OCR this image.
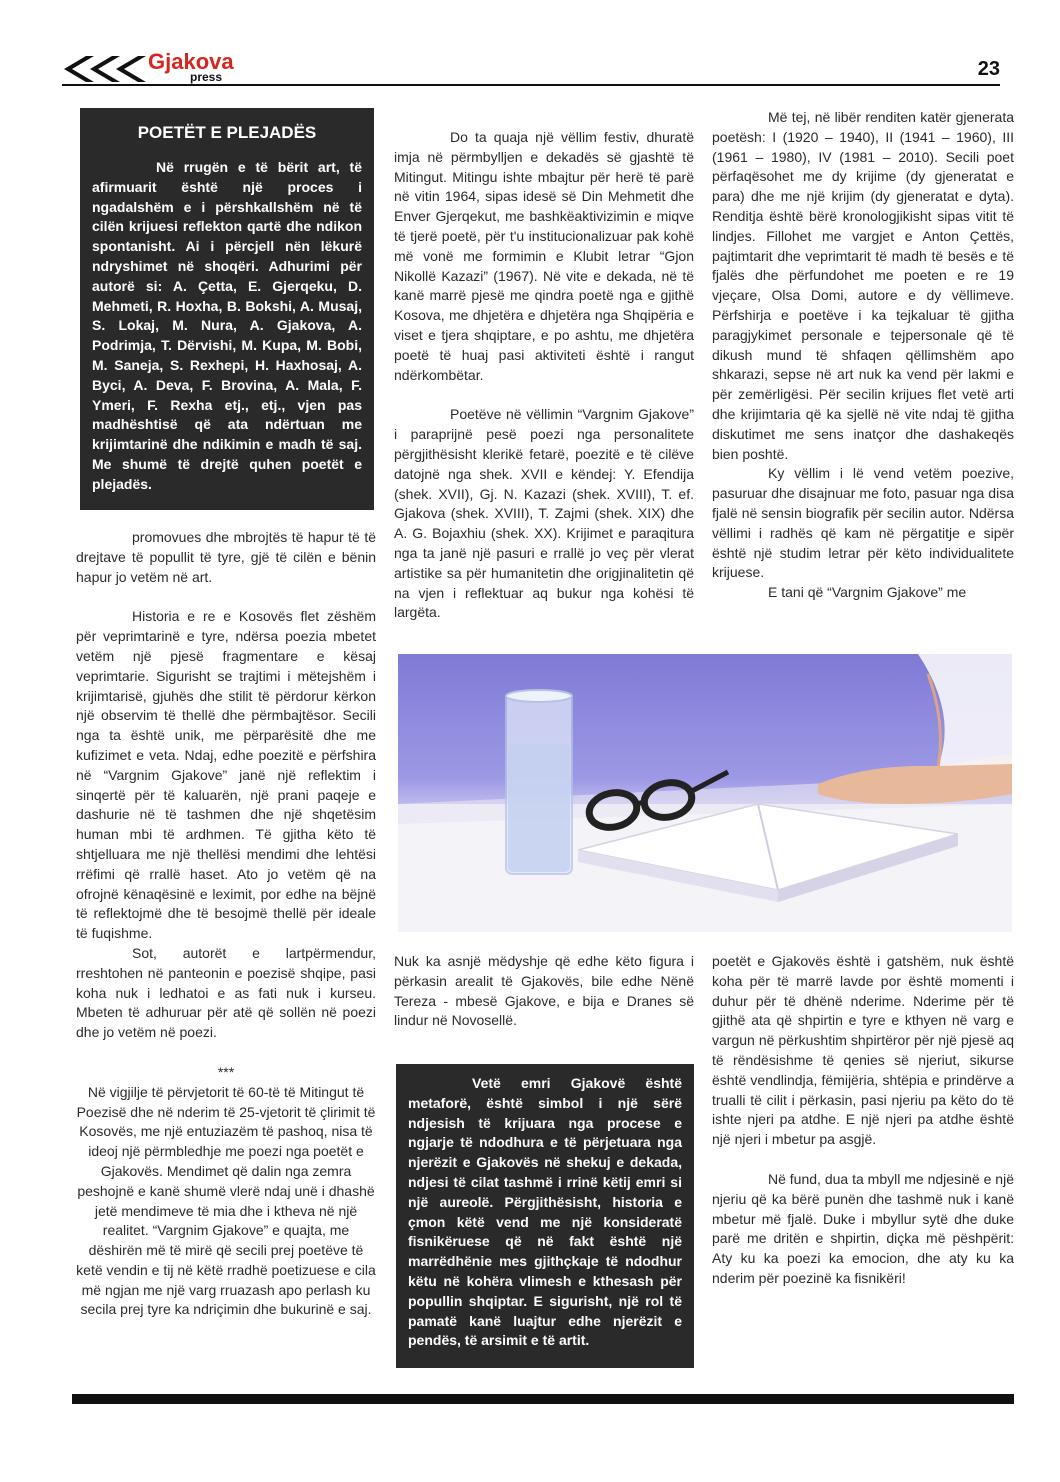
Gjakova
press	23
POETËT E PLEJADËS

Në rrugën e të bërit art, të afirmuarit është një proces i ngadalshëm e i përshkallshëm në të cilën krijuesi reflekton qartë dhe ndikon spontanisht. Ai i përcjell nën lëkurë ndryshimet në shoqëri. Adhurimi për autorë si: A. Çetta, E. Gjerqeku, D. Mehmeti, R. Hoxha, B. Bokshi, A. Musaj, S. Lokaj, M. Nura, A. Gjakova, A. Podrimja, T. Dërvishi, M. Kupa, M. Bobi, M. Saneja, S. Rexhepi, H. Haxhosaj, A. Byci, A. Deva, F. Brovina, A. Mala, F. Ymeri, F. Rexha etj., etj., vjen pas madhështisë që ata ndërtuan me krijimtarinë dhe ndikimin e madh të saj. Me shumë të drejtë quhen poetët e plejadës.

promovues dhe mbrojtës të hapur të të drejtave të popullit të tyre, gjë të cilën e bënin hapur jo vetëm në art.

Historia e re e Kosovës flet zëshëm për veprimtarinë e tyre, ndërsa poezia mbetet vetëm një pjesë fragmentare e kësaj veprimtarie. Sigurisht se trajtimi i mëtejshëm i krijimtarisë, gjuhës dhe stilit të përdorur kërkon një observim të thellë dhe përmbajtësor. Secili nga ta është unik, me përparësitë dhe me kufizimet e veta. Ndaj, edhe poezitë e përfshira në “Vargnim Gjakove” janë një reflektim i sinqertë për të kaluarën, një prani paqeje e dashurie në të tashmen dhe një shqetësim human mbi të ardhmen. Të gjitha këto të shtjelluara me një thellësi mendimi dhe lehtësi rrëfimi që rrallë haset. Ato jo vetëm që na ofrojnë kënaqësinë e leximit, por edhe na bëjnë të reflektojmë dhe të besojmë thellë për ideale të fuqishme.

Sot, autorët e lartpërmendur, rreshtohen në panteonin e poezisë shqipe, pasi koha nuk i ledhatoi e as fati nuk i kurseu. Mbeten të adhuruar për atë që sollën në poezi dhe jo vetëm në poezi.

***

Në vigjilje të përvjetorit të 60-të të Mitingut të Poezisë dhe në nderim të 25-vjetorit të çlirimit të Kosovës, me një entuziazëm të pashoq, nisa të ideoj një përmbledhje me poezi nga poetët e Gjakovës. Mendimet që dalin nga zemra peshojnë e kanë shumë vlerë ndaj unë i dhashë jetë mendimeve të mia dhe i ktheva në një realitet. “Vargnim Gjakove” e quajta, me dëshirën më të mirë që secili prej poetëve të ketë vendin e tij në këtë rradhë poetizuese e cila më ngjan me një varg rruazash apo perlash ku secila prej tyre ka ndriçimin dhe bukurinë e saj.

Do ta quaja një vëllim festiv, dhuratë imja në përmbylljen e dekadës së gjashtë të Mitingut. Mitingu ishte mbajtur për herë të parë në vitin 1964, sipas idesë së Din Mehmetit dhe Enver Gjerqekut, me bashkëaktivizimin e miqve të tjerë poetë, për t'u institucionalizuar pak kohë më vonë me formimin e Klubit letrar “Gjon Nikollë Kazazi” (1967). Në vite e dekada, në të kanë marrë pjesë me qindra poetë nga e gjithë Kosova, me dhjetëra e dhjetëra nga Shqipëria e viset e tjera shqiptare, e po ashtu, me dhjetëra poetë të huaj pasi aktiviteti është i rangut ndërkombëtar.

Poetëve në vëllimin “Vargnim Gjakove” i paraprijnë pesë poezi nga personalitete përgjithësisht klerikë fetarë, poezitë e të cilëve datojnë nga shek. XVII e këndej: Y. Efendija (shek. XVII), Gj. N. Kazazi (shek. XVIII), T. ef. Gjakova (shek. XVIII), T. Zajmi (shek. XIX) dhe A. G. Bojaxhiu (shek. XX). Krijimet e paraqitura nga ta janë një pasuri e rrallë jo veç për vlerat artistike sa për humanitetin dhe origjinalitetin që na vjen i reflektuar aq bukur nga kohësi të largëta.

Më tej, në libër renditen katër gjenerata poetësh: I (1920 – 1940), II (1941 – 1960), III (1961 – 1980), IV (1981 – 2010). Secili poet përfaqësohet me dy krijime (dy gjeneratat e para) dhe me një krijim (dy gjeneratat e dyta). Renditja është bërë kronologjikisht sipas vitit të lindjes. Fillohet me vargjet e Anton Çettës, pajtimtarit dhe veprimtarit të madh të besës e të fjalës dhe përfundohet me poeten e re 19 vjeçare, Olsa Domi, autore e dy vëllimeve. Përfshirja e poetëve i ka tejkaluar të gjitha paragjykimet personale e tejpersonale që të dikush mund të shfaqen qëllimshëm apo shkarazi, sepse në art nuk ka vend për lakmi e për zemërligësi. Për secilin krijues flet vetë arti dhe krijimtaria që ka sjellë në vite ndaj të gjitha diskutimet me sens inatçor dhe dashakeqës bien poshtë.

Ky vëllim i lë vend vetëm poezive, pasuruar dhe disajnuar me foto, pasuar nga disa fjalë në sensin biografik për secilin autor. Ndërsa vëllimi i radhës që kam në përgatitje e sipër është një studim letrar për këto individualitete krijuese.

E tani që “Vargnim Gjakove” me

Nuk ka asnjë mëdyshje që edhe këto figura i përkasin arealit të Gjakovës, bile edhe Nënë Tereza - mbesë Gjakove, e bija e Dranes së lindur në Novosellë.

Vetë emri Gjakovë është metaforë, është simbol i një sërë ndjesish të krijuara nga procese e ngjarje të ndodhura e të përjetuara nga njerëzit e Gjakovës në shekuj e dekada, ndjesi të cilat tashmë i rrinë këtij emri si një aureolë. Përgjithësisht, historia e çmon këtë vend me një konsideratë fisnikëruese që në fakt është një marrëdhënie mes gjithçkaje të ndodhur këtu në kohëra vlimesh e kthesash për popullin shqiptar. E sigurisht, një rol të pamatë kanë luajtur edhe njerëzit e pendës, të arsimit e të artit.

poetët e Gjakovës është i gatshëm, nuk është koha për të marrë lavde por është momenti i duhur për të dhënë nderime. Nderime për të gjithë ata që shpirtin e tyre e kthyen në varg e vargun në përkushtim shpirtëror për një pjesë aq të rëndësishme të qenies së njeriut, sikurse është vendlindja, fëmijëria, shtëpia e prindërve a trualli të cilit i përkasin, pasi njeriu pa këto do të ishte njeri pa atdhe. E një njeri pa atdhe është një njeri i mbetur pa asgjë.

Në fund, dua ta mbyll me ndjesinë e një njeriu që ka bërë punën dhe tashmë nuk i kanë mbetur më fjalë. Duke i mbyllur sytë dhe duke parë me dritën e shpirtin, diçka më pëshpërit: Aty ku ka poezi ka emocion, dhe aty ku ka nderim për poezinë ka fisnikëri!
